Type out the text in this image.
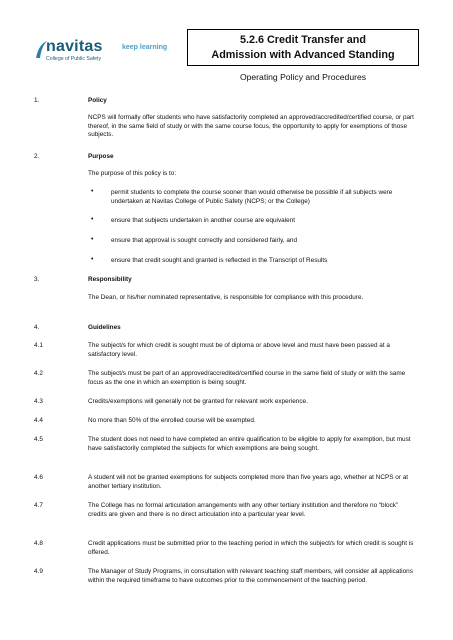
navitas
College of Public Safety
keep learning
5.2.6 Credit Transfer and
Admission with Advanced Standing
Operating Policy and Procedures
1.	Policy
NCPS will formally offer students who have satisfactorily completed an approved/accredited/certified course, or part thereof, in the same field of study or with the same course focus, the opportunity to apply for exemptions of those subjects.
2.	Purpose
The purpose of this policy is to:
•	permit students to complete the course sooner than would otherwise be possible if all subjects were undertaken at Navitas College of Public Safety (NCPS; or the College)
•	ensure that subjects undertaken in another course are equivalent
•	ensure that approval is sought correctly and considered fairly, and
•	ensure that credit sought and granted is reflected in the Transcript of Results
3.	Responsibility
The Dean, or his/her nominated representative, is responsible for compliance with this procedure.
4.	Guidelines
4.1	The subject/s for which credit is sought must be of diploma or above level and must have been passed at a satisfactory level.
4.2	The subject/s must be part of an approved/accredited/certified course in the same field of study or with the same focus as the one in which an exemption is being sought.
4.3	Credits/exemptions will generally not be granted for relevant work experience.
4.4	No more than 50% of the enrolled course will be exempted.
4.5	The student does not need to have completed an entire qualification to be eligible to apply for exemption, but must have satisfactorily completed the subjects for which exemptions are being sought.
4.6	A student will not be granted exemptions for subjects completed more than five years ago, whether at NCPS or at another tertiary institution.
4.7	The College has no formal articulation arrangements with any other tertiary institution and therefore no “block” credits are given and there is no direct articulation into a particular year level.
4.8	Credit applications must be submitted prior to the teaching period in which the subject/s for which credit is sought is offered.
4.9	The Manager of Study Programs, in consultation with relevant teaching staff members, will consider all applications within the required timeframe to have outcomes prior to the commencement of the teaching period.
